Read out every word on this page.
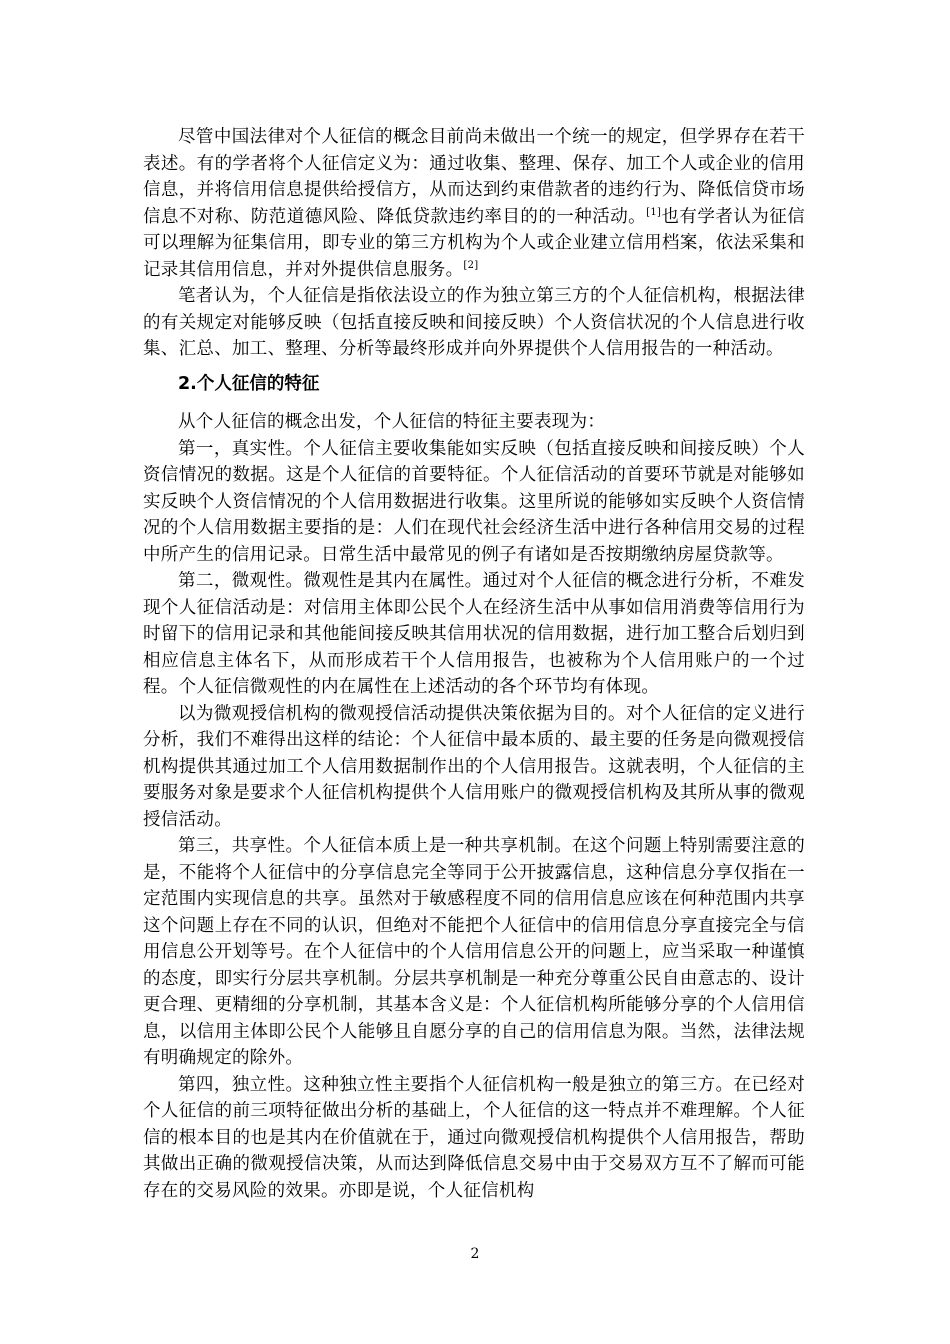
尽管中国法律对个人征信的概念目前尚未做出一个统一的规定，但学界存在若干表述。有的学者将个人征信定义为：通过收集、整理、保存、加工个人或企业的信用信息，并将信用信息提供给授信方，从而达到约束借款者的违约行为、降低信贷市场信息不对称、防范道德风险、降低贷款违约率目的的一种活动。[1]也有学者认为征信可以理解为征集信用，即专业的第三方机构为个人或企业建立信用档案，依法采集和记录其信用信息，并对外提供信息服务。[2]

笔者认为，个人征信是指依法设立的作为独立第三方的个人征信机构，根据法律的有关规定对能够反映（包括直接反映和间接反映）个人资信状况的个人信息进行收集、汇总、加工、整理、分析等最终形成并向外界提供个人信用报告的一种活动。

2.个人征信的特征

从个人征信的概念出发，个人征信的特征主要表现为：

第一，真实性。个人征信主要收集能如实反映（包括直接反映和间接反映）个人资信情况的数据。这是个人征信的首要特征。个人征信活动的首要环节就是对能够如实反映个人资信情况的个人信用数据进行收集。这里所说的能够如实反映个人资信情况的个人信用数据主要指的是：人们在现代社会经济生活中进行各种信用交易的过程中所产生的信用记录。日常生活中最常见的例子有诸如是否按期缴纳房屋贷款等。

第二，微观性。微观性是其内在属性。通过对个人征信的概念进行分析，不难发现个人征信活动是：对信用主体即公民个人在经济生活中从事如信用消费等信用行为时留下的信用记录和其他能间接反映其信用状况的信用数据，进行加工整合后划归到相应信息主体名下，从而形成若干个人信用报告，也被称为个人信用账户的一个过程。个人征信微观性的内在属性在上述活动的各个环节均有体现。

以为微观授信机构的微观授信活动提供决策依据为目的。对个人征信的定义进行分析，我们不难得出这样的结论：个人征信中最本质的、最主要的任务是向微观授信机构提供其通过加工个人信用数据制作出的个人信用报告。这就表明，个人征信的主要服务对象是要求个人征信机构提供个人信用账户的微观授信机构及其所从事的微观授信活动。

第三，共享性。个人征信本质上是一种共享机制。在这个问题上特别需要注意的是，不能将个人征信中的分享信息完全等同于公开披露信息，这种信息分享仅指在一定范围内实现信息的共享。虽然对于敏感程度不同的信用信息应该在何种范围内共享这个问题上存在不同的认识，但绝对不能把个人征信中的信用信息分享直接完全与信用信息公开划等号。在个人征信中的个人信用信息公开的问题上，应当采取一种谨慎的态度，即实行分层共享机制。分层共享机制是一种充分尊重公民自由意志的、设计更合理、更精细的分享机制，其基本含义是：个人征信机构所能够分享的个人信用信息，以信用主体即公民个人能够且自愿分享的自己的信用信息为限。当然，法律法规有明确规定的除外。

第四，独立性。这种独立性主要指个人征信机构一般是独立的第三方。在已经对个人征信的前三项特征做出分析的基础上，个人征信的这一特点并不难理解。个人征信的根本目的也是其内在价值就在于，通过向微观授信机构提供个人信用报告，帮助其做出正确的微观授信决策，从而达到降低信息交易中由于交易双方互不了解而可能存在的交易风险的效果。亦即是说，个人征信机构

2
